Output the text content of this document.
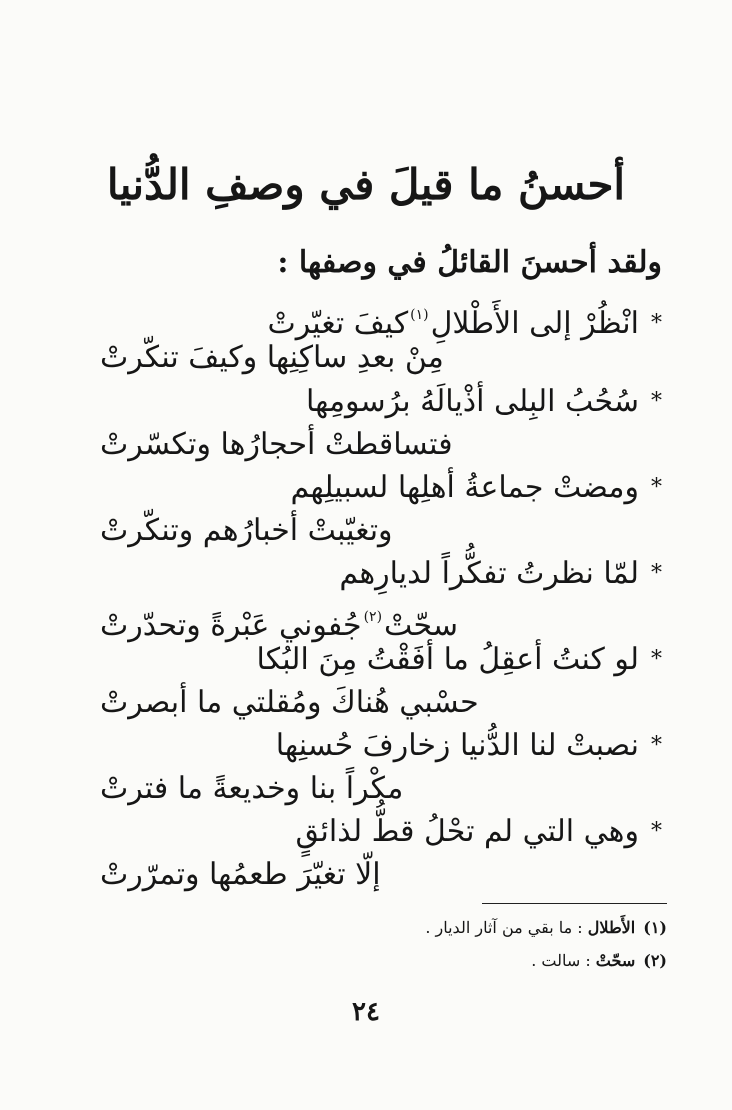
أحسنُ ما قيلَ في وصفِ الدُّنيا
ولقد أحسنَ القائلُ في وصفها :
*انْظُرْ إلى الأَطْلالِ$^{(١)}$كيفَ تغيّرتْ
مِنْ بعدِ ساكِنِها وكيفَ تنكّرتْ
*سُحُبُ البِلى أذْيالَهُ برُسومِها
فتساقطتْ أحجارُها وتكسّرتْ
*ومضتْ جماعةُ أهلِها لسبيلِهم
وتغيّبتْ أخبارُهم وتنكّرتْ
*لمّا نظرتُ تفكُّراً لديارِهم
سحّتْ$^{(٢)}$جُفوني عَبْرةً وتحدّرتْ
*لو كنتُ أعقِلُ ما أفَقْتُ مِنَ البُكا
حسْبي هُناكَ ومُقلتي ما أبصرتْ
*نصبتْ لنا الدُّنيا زخارفَ حُسنِها
مكْراً بنا وخديعةً ما فترتْ
*وهي التي لم تحْلُ قطُّ لذائقٍ
إلّا تغيّرَ طعمُها وتمرّرتْ
(١)الأَطلال : ما بقي من آثار الديار .
(٢)سحّتْ : سالت .
٢٤
